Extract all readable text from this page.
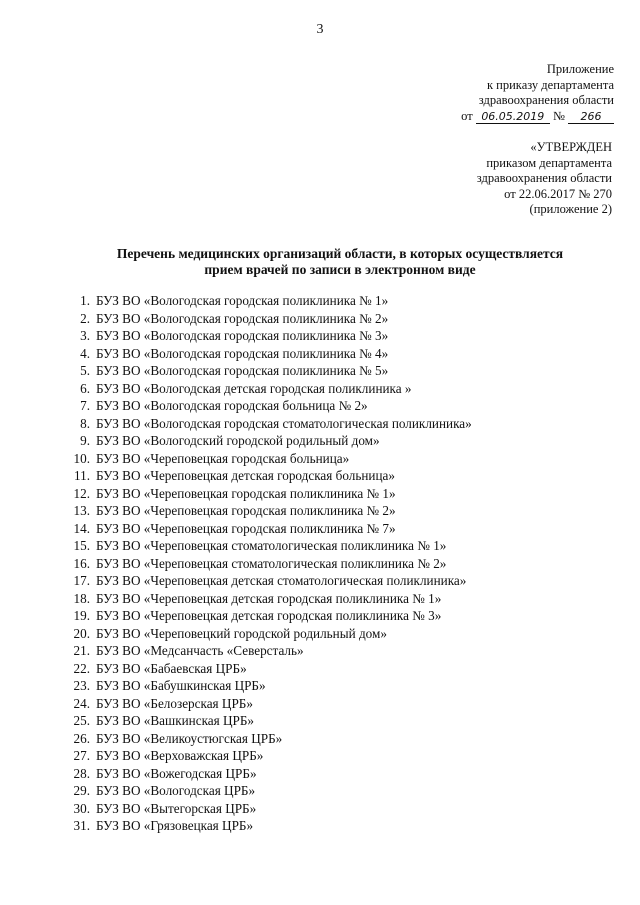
3
Приложение
к приказу департамента
здравоохранения области
от 06.05.2019 № 266
«УТВЕРЖДЕН
приказом департамента
здравоохранения области
от 22.06.2017 № 270
(приложение 2)
Перечень медицинских организаций области, в которых осуществляется
прием врачей по записи в электронном виде
1. БУЗ ВО «Вологодская городская поликлиника № 1»
2. БУЗ ВО «Вологодская городская поликлиника № 2»
3. БУЗ ВО «Вологодская городская поликлиника № 3»
4. БУЗ ВО «Вологодская городская поликлиника № 4»
5. БУЗ ВО «Вологодская городская поликлиника № 5»
6. БУЗ ВО «Вологодская детская городская поликлиника »
7. БУЗ ВО «Вологодская городская больница № 2»
8. БУЗ ВО «Вологодская городская стоматологическая поликлиника»
9. БУЗ ВО «Вологодский городской родильный дом»
10. БУЗ ВО «Череповецкая городская больница»
11. БУЗ ВО «Череповецкая детская городская больница»
12. БУЗ ВО «Череповецкая городская поликлиника № 1»
13. БУЗ ВО «Череповецкая городская поликлиника № 2»
14. БУЗ ВО «Череповецкая городская поликлиника № 7»
15. БУЗ ВО «Череповецкая стоматологическая поликлиника № 1»
16. БУЗ ВО «Череповецкая стоматологическая поликлиника № 2»
17. БУЗ ВО «Череповецкая детская стоматологическая поликлиника»
18. БУЗ ВО «Череповецкая детская городская поликлиника № 1»
19. БУЗ ВО «Череповецкая детская городская поликлиника № 3»
20. БУЗ ВО «Череповецкий городской родильный дом»
21. БУЗ ВО «Медсанчасть «Северсталь»
22. БУЗ ВО «Бабаевская ЦРБ»
23. БУЗ ВО «Бабушкинская ЦРБ»
24. БУЗ ВО «Белозерская ЦРБ»
25. БУЗ ВО «Вашкинская ЦРБ»
26. БУЗ ВО «Великоустюгская ЦРБ»
27. БУЗ ВО «Верховажская ЦРБ»
28. БУЗ ВО «Вожегодская ЦРБ»
29. БУЗ ВО «Вологодская ЦРБ»
30. БУЗ ВО «Вытегорская ЦРБ»
31. БУЗ ВО «Грязовецкая ЦРБ»
